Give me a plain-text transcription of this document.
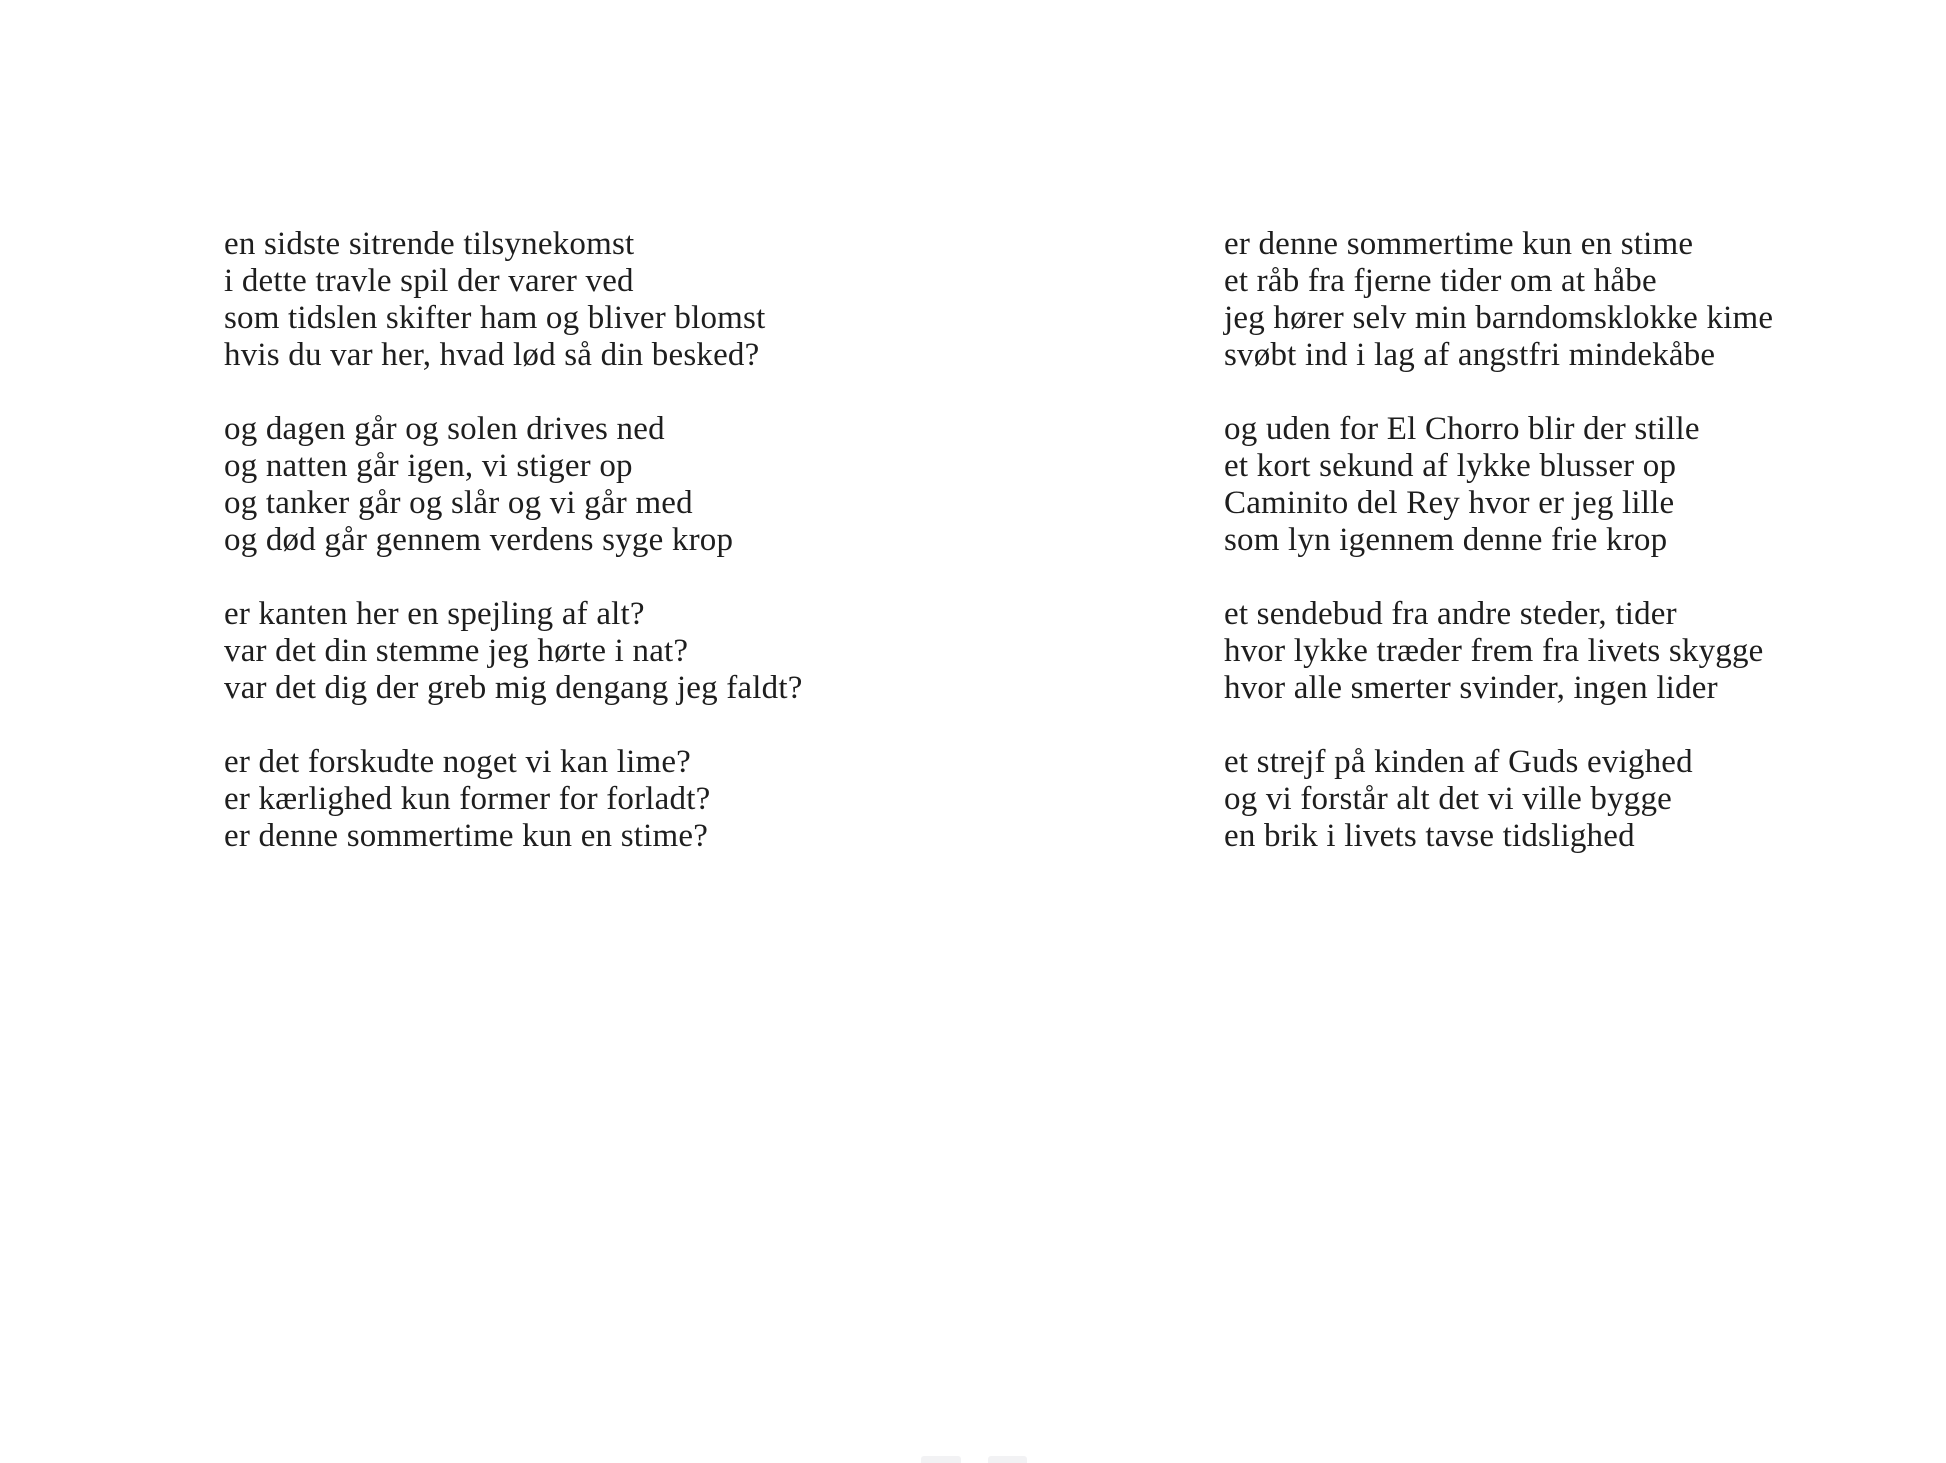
en sidste sitrende tilsynekomst

i dette travle spil der varer ved

som tidslen skifter ham og bliver blomst

hvis du var her, hvad lød så din besked?

og dagen går og solen drives ned

og natten går igen, vi stiger op

og tanker går og slår og vi går med

og død går gennem verdens syge krop

er kanten her en spejling af alt?

var det din stemme jeg hørte i nat?

var det dig der greb mig dengang jeg faldt?

er det forskudte noget vi kan lime?

er kærlighed kun former for forladt?

er denne sommertime kun en stime?

er denne sommertime kun en stime

et råb fra fjerne tider om at håbe

jeg hører selv min barndomsklokke kime

svøbt ind i lag af angstfri mindekåbe

og uden for El Chorro blir der stille

et kort sekund af lykke blusser op

Caminito del Rey hvor er jeg lille

som lyn igennem denne frie krop

et sendebud fra andre steder, tider

hvor lykke træder frem fra livets skygge

hvor alle smerter svinder, ingen lider

et strejf på kinden af Guds evighed

og vi forstår alt det vi ville bygge

en brik i livets tavse tidslighed
